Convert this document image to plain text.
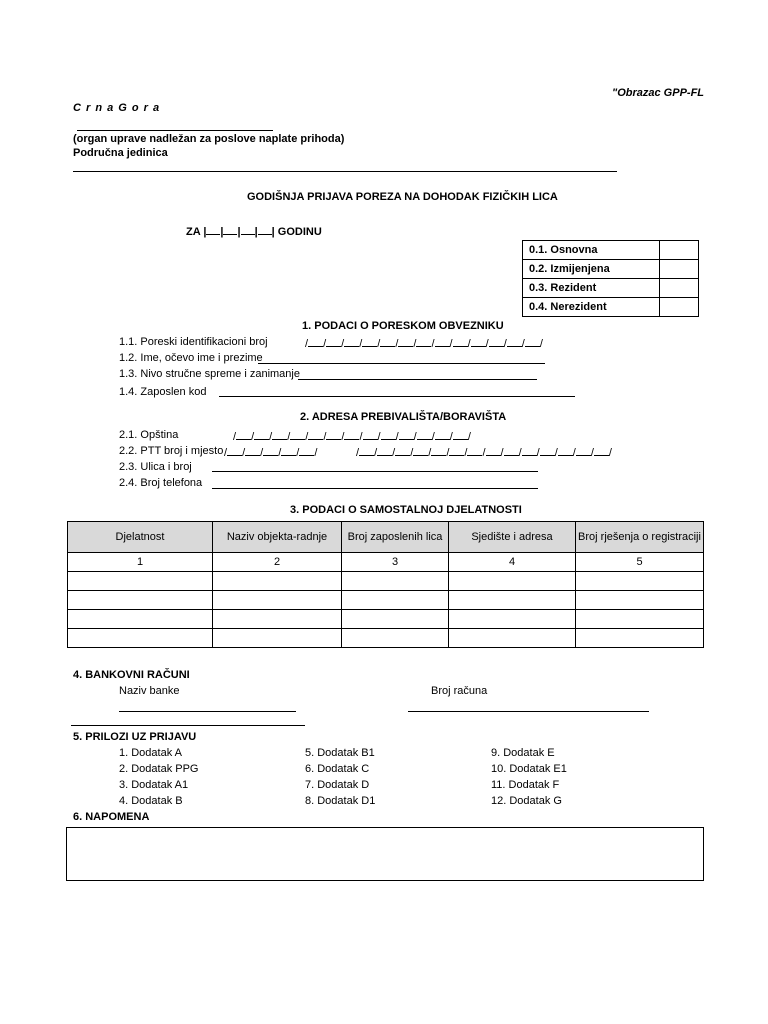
"Obrazac GPP-FL
C r n a G o r a
(organ uprave nadležan za poslove naplate prihoda)
Područna jedinica
GODIŠNJA PRIJAVA POREZA NA DOHODAK FIZIČKIH LICA
ZA | | | | | GODINU
0.1. Osnovna	
0.2. Izmijenjena	
0.3. Rezident	
0.4. Nerezident	
1. PODACI O PORESKOM OBVEZNIKU
1.1. Poreski identifikacioni broj	/ / / / / / / / / / / / / /
1.2. Ime, očevo ime i prezime
1.3. Nivo stručne spreme i zanimanje
1.4. Zaposlen kod
2. ADRESA PREBIVALIŠTA/BORAVIŠTA
2.1. Opština	/ / / / / / / / / / / / / /
2.2. PTT broj i mjesto / / / / / /	/ / / / / / / / / / / / / / /
2.3. Ulica i broj
2.4. Broj telefona
3. PODACI O SAMOSTALNOJ DJELATNOSTI
Djelatnost	Naziv objekta-radnje	Broj zaposlenih lica	Sjedište i adresa	Broj rješenja o registraciji
1	2	3	4	5

4. BANKOVNI RAČUNI
Naziv banke	Broj računa
5. PRILOZI UZ PRIJAVU
1. Dodatak A
2. Dodatak PPG
3. Dodatak A1
4. Dodatak B
5. Dodatak B1
6. Dodatak C
7. Dodatak D
8. Dodatak D1
9. Dodatak E
10. Dodatak E1
11. Dodatak F
12. Dodatak G
6. NAPOMENA
